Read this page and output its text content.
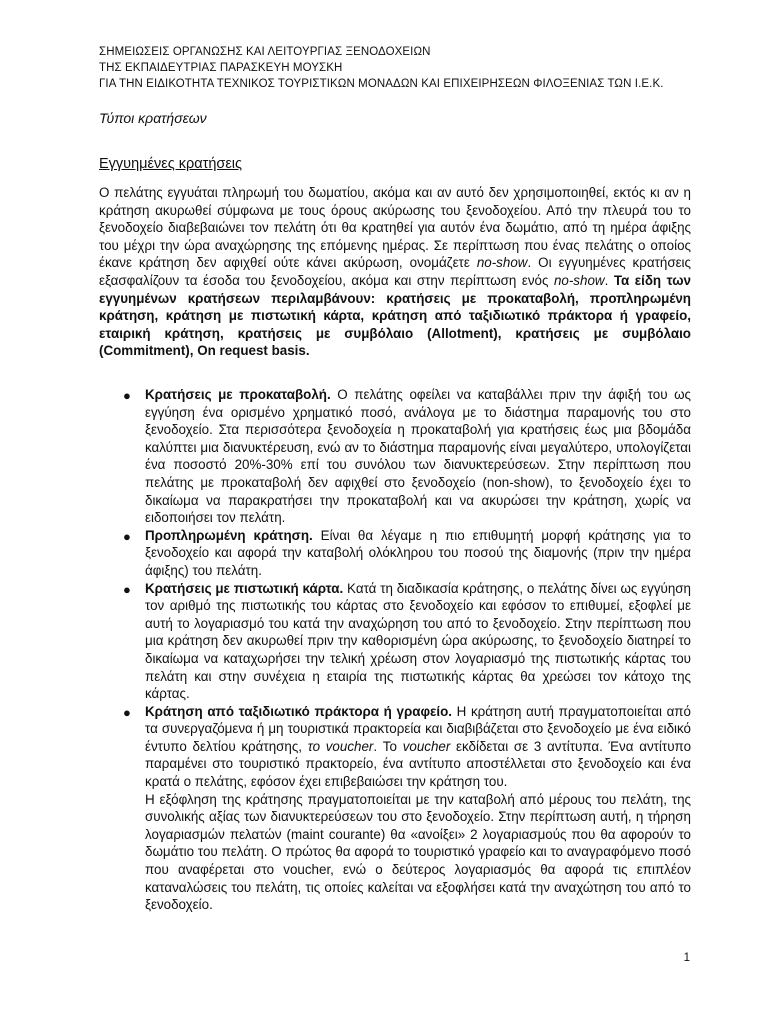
ΣΗΜΕΙΩΣΕΙΣ ΟΡΓΑΝΩΣΗΣ ΚΑΙ ΛΕΙΤΟΥΡΓΙΑΣ ΞΕΝΟΔΟΧΕΙΩΝ
ΤΗΣ ΕΚΠΑΙΔΕΥΤΡΙΑΣ ΠΑΡΑΣΚΕΥΗ ΜΟΥΣΚΗ
ΓΙΑ ΤΗΝ ΕΙΔΙΚΟΤΗΤΑ ΤΕΧΝΙΚΟΣ ΤΟΥΡΙΣΤΙΚΩΝ ΜΟΝΑΔΩΝ ΚΑΙ ΕΠΙΧΕΙΡΗΣΕΩΝ ΦΙΛΟΞΕΝΙΑΣ ΤΩΝ Ι.Ε.Κ.
Τύποι κρατήσεων
Εγγυημένες κρατήσεις

Ο πελάτης εγγυάται πληρωμή του δωματίου, ακόμα και αν αυτό δεν χρησιμοποιηθεί, εκτός κι αν η κράτηση ακυρωθεί σύμφωνα με τους όρους ακύρωσης του ξενοδοχείου. Από την πλευρά του το ξενοδοχείο διαβεβαιώνει τον πελάτη ότι θα κρατηθεί για αυτόν ένα δωμάτιο, από τη ημέρα άφιξης του μέχρι την ώρα αναχώρησης της επόμενης ημέρας. Σε περίπτωση που ένας πελάτης ο οποίος έκανε κράτηση δεν αφιχθεί ούτε κάνει ακύρωση, ονομάζετε no-show. Οι εγγυημένες κρατήσεις εξασφαλίζουν τα έσοδα του ξενοδοχείου, ακόμα και στην περίπτωση ενός no-show. Τα είδη των εγγυημένων κρατήσεων περιλαμβάνουν: κρατήσεις με προκαταβολή, προπληρωμένη κράτηση, κράτηση με πιστωτική κάρτα, κράτηση από ταξιδιωτικό πράκτορα ή γραφείο, εταιρική κράτηση, κρατήσεις με συμβόλαιο (Allotment), κρατήσεις με συμβόλαιο (Commitment), On request basis.

● Κρατήσεις με προκαταβολή. Ο πελάτης οφείλει να καταβάλλει πριν την άφιξή του ως εγγύηση ένα ορισμένο χρηματικό ποσό, ανάλογα με το διάστημα παραμονής του στο ξενοδοχείο. Στα περισσότερα ξενοδοχεία η προκαταβολή για κρατήσεις έως μια βδομάδα καλύπτει μια διανυκτέρευση, ενώ αν το διάστημα παραμονής είναι μεγαλύτερο, υπολογίζεται ένα ποσοστό 20%-30% επί του συνόλου των διανυκτερεύσεων. Στην περίπτωση που πελάτης με προκαταβολή δεν αφιχθεί στο ξενοδοχείο (non-show), το ξενοδοχείο έχει το δικαίωμα να παρακρατήσει την προκαταβολή και να ακυρώσει την κράτηση, χωρίς να ειδοποιήσει τον πελάτη.

● Προπληρωμένη κράτηση. Είναι θα λέγαμε η πιο επιθυμητή μορφή κράτησης για το ξενοδοχείο και αφορά την καταβολή ολόκληρου του ποσού της διαμονής (πριν την ημέρα άφιξης) του πελάτη.

● Κρατήσεις με πιστωτική κάρτα. Κατά τη διαδικασία κράτησης, ο πελάτης δίνει ως εγγύηση τον αριθμό της πιστωτικής του κάρτας στο ξενοδοχείο και εφόσον το επιθυμεί, εξοφλεί με αυτή το λογαριασμό του κατά την αναχώρηση του από το ξενοδοχείο. Στην περίπτωση που μια κράτηση δεν ακυρωθεί πριν την καθορισμένη ώρα ακύρωσης, το ξενοδοχείο διατηρεί το δικαίωμα να καταχωρήσει την τελική χρέωση στον λογαριασμό της πιστωτικής κάρτας του πελάτη και στην συνέχεια η εταιρία της πιστωτικής κάρτας θα χρεώσει τον κάτοχο της κάρτας.

● Κράτηση από ταξιδιωτικό πράκτορα ή γραφείο. Η κράτηση αυτή πραγματοποιείται από τα συνεργαζόμενα ή μη τουριστικά πρακτορεία και διαβιβάζεται στο ξενοδοχείο με ένα ειδικό έντυπο δελτίου κράτησης, το voucher. Το voucher εκδίδεται σε 3 αντίτυπα. Ένα αντίτυπο παραμένει στο τουριστικό πρακτορείο, ένα αντίτυπο αποστέλλεται στο ξενοδοχείο και ένα κρατά ο πελάτης, εφόσον έχει επιβεβαιώσει την κράτηση του.

Η εξόφληση της κράτησης πραγματοποιείται με την καταβολή από μέρους του πελάτη, της συνολικής αξίας των διανυκτερεύσεων του στο ξενοδοχείο. Στην περίπτωση αυτή, η τήρηση λογαριασμών πελατών (maint courante) θα «ανοίξει» 2 λογαριασμούς που θα αφορούν το δωμάτιο του πελάτη. Ο πρώτος θα αφορά το τουριστικό γραφείο και το αναγραφόμενο ποσό που αναφέρεται στο voucher, ενώ ο δεύτερος λογαριασμός θα αφορά τις επιπλέον καταναλώσεις του πελάτη, τις οποίες καλείται να εξοφλήσει κατά την αναχώτηση του από το ξενοδοχείο.

1
